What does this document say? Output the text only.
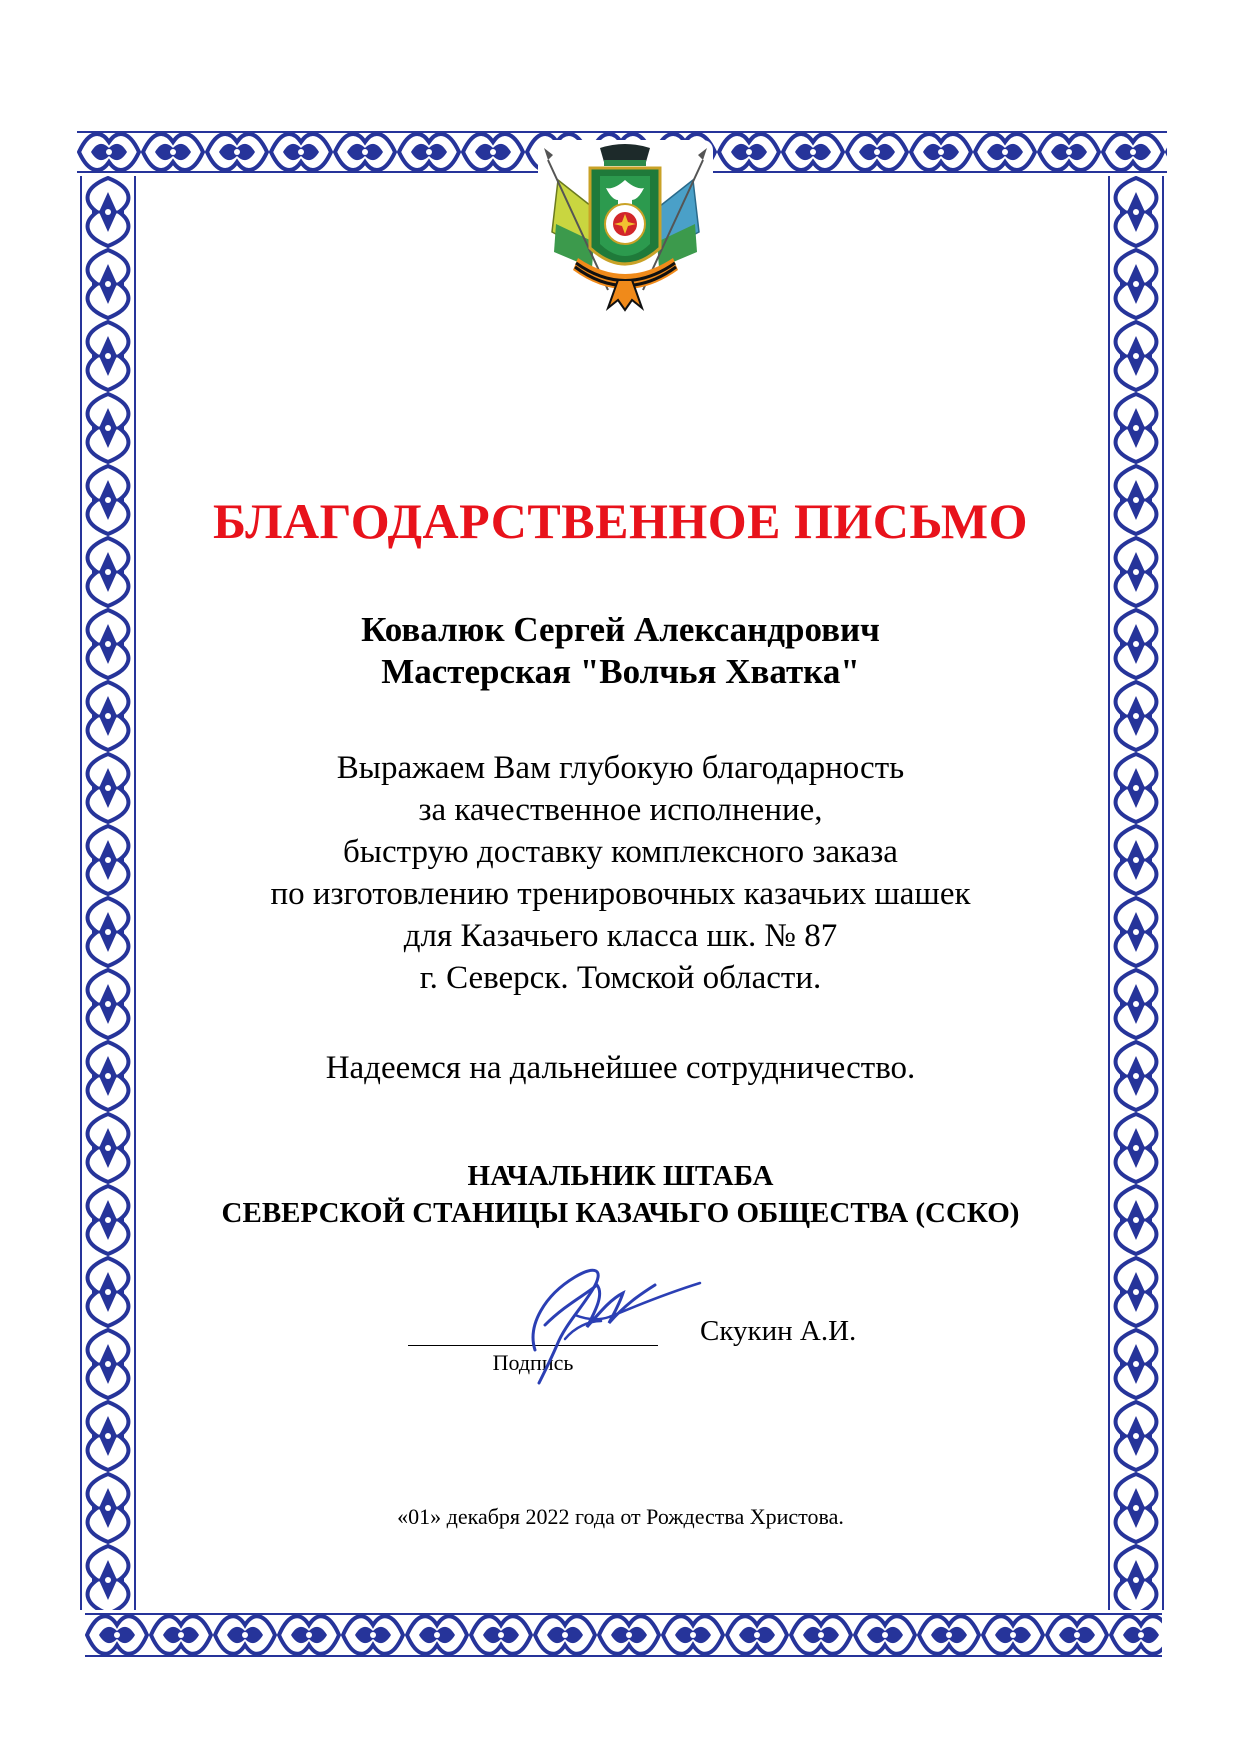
БЛАГОДАРСТВЕННОЕ ПИСЬМО
Ковалюк Сергей Александрович
Мастерская "Волчья Хватка"
Выражаем Вам глубокую благодарность
за качественное исполнение,
быструю доставку комплексного заказа
по изготовлению тренировочных казачьих шашек
для Казачьего класса шк. № 87
г. Северск. Томской области.
Надеемся на дальнейшее сотрудничество.
НАЧАЛЬНИК ШТАБА
СЕВЕРСКОЙ СТАНИЦЫ КАЗАЧЬГО ОБЩЕСТВА (ССКО)
Подпись
Скукин А.И.
«01» декабря 2022 года от Рождества Христова.
